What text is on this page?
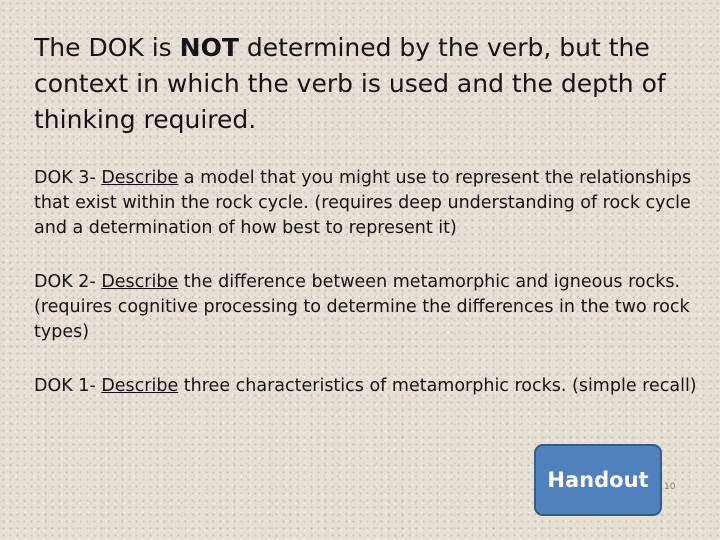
The DOK is NOT determined by the verb, but the context in which the verb is used and the depth of thinking required.

DOK 3- Describe a model that you might use to represent the relationships that exist within the rock cycle. (requires deep understanding of rock cycle and a determination of how best to represent it)

DOK 2- Describe the difference between metamorphic and igneous rocks. (requires cognitive processing to determine the differences in the two rock types)

DOK 1- Describe three characteristics of metamorphic rocks. (simple recall)

Handout	10
